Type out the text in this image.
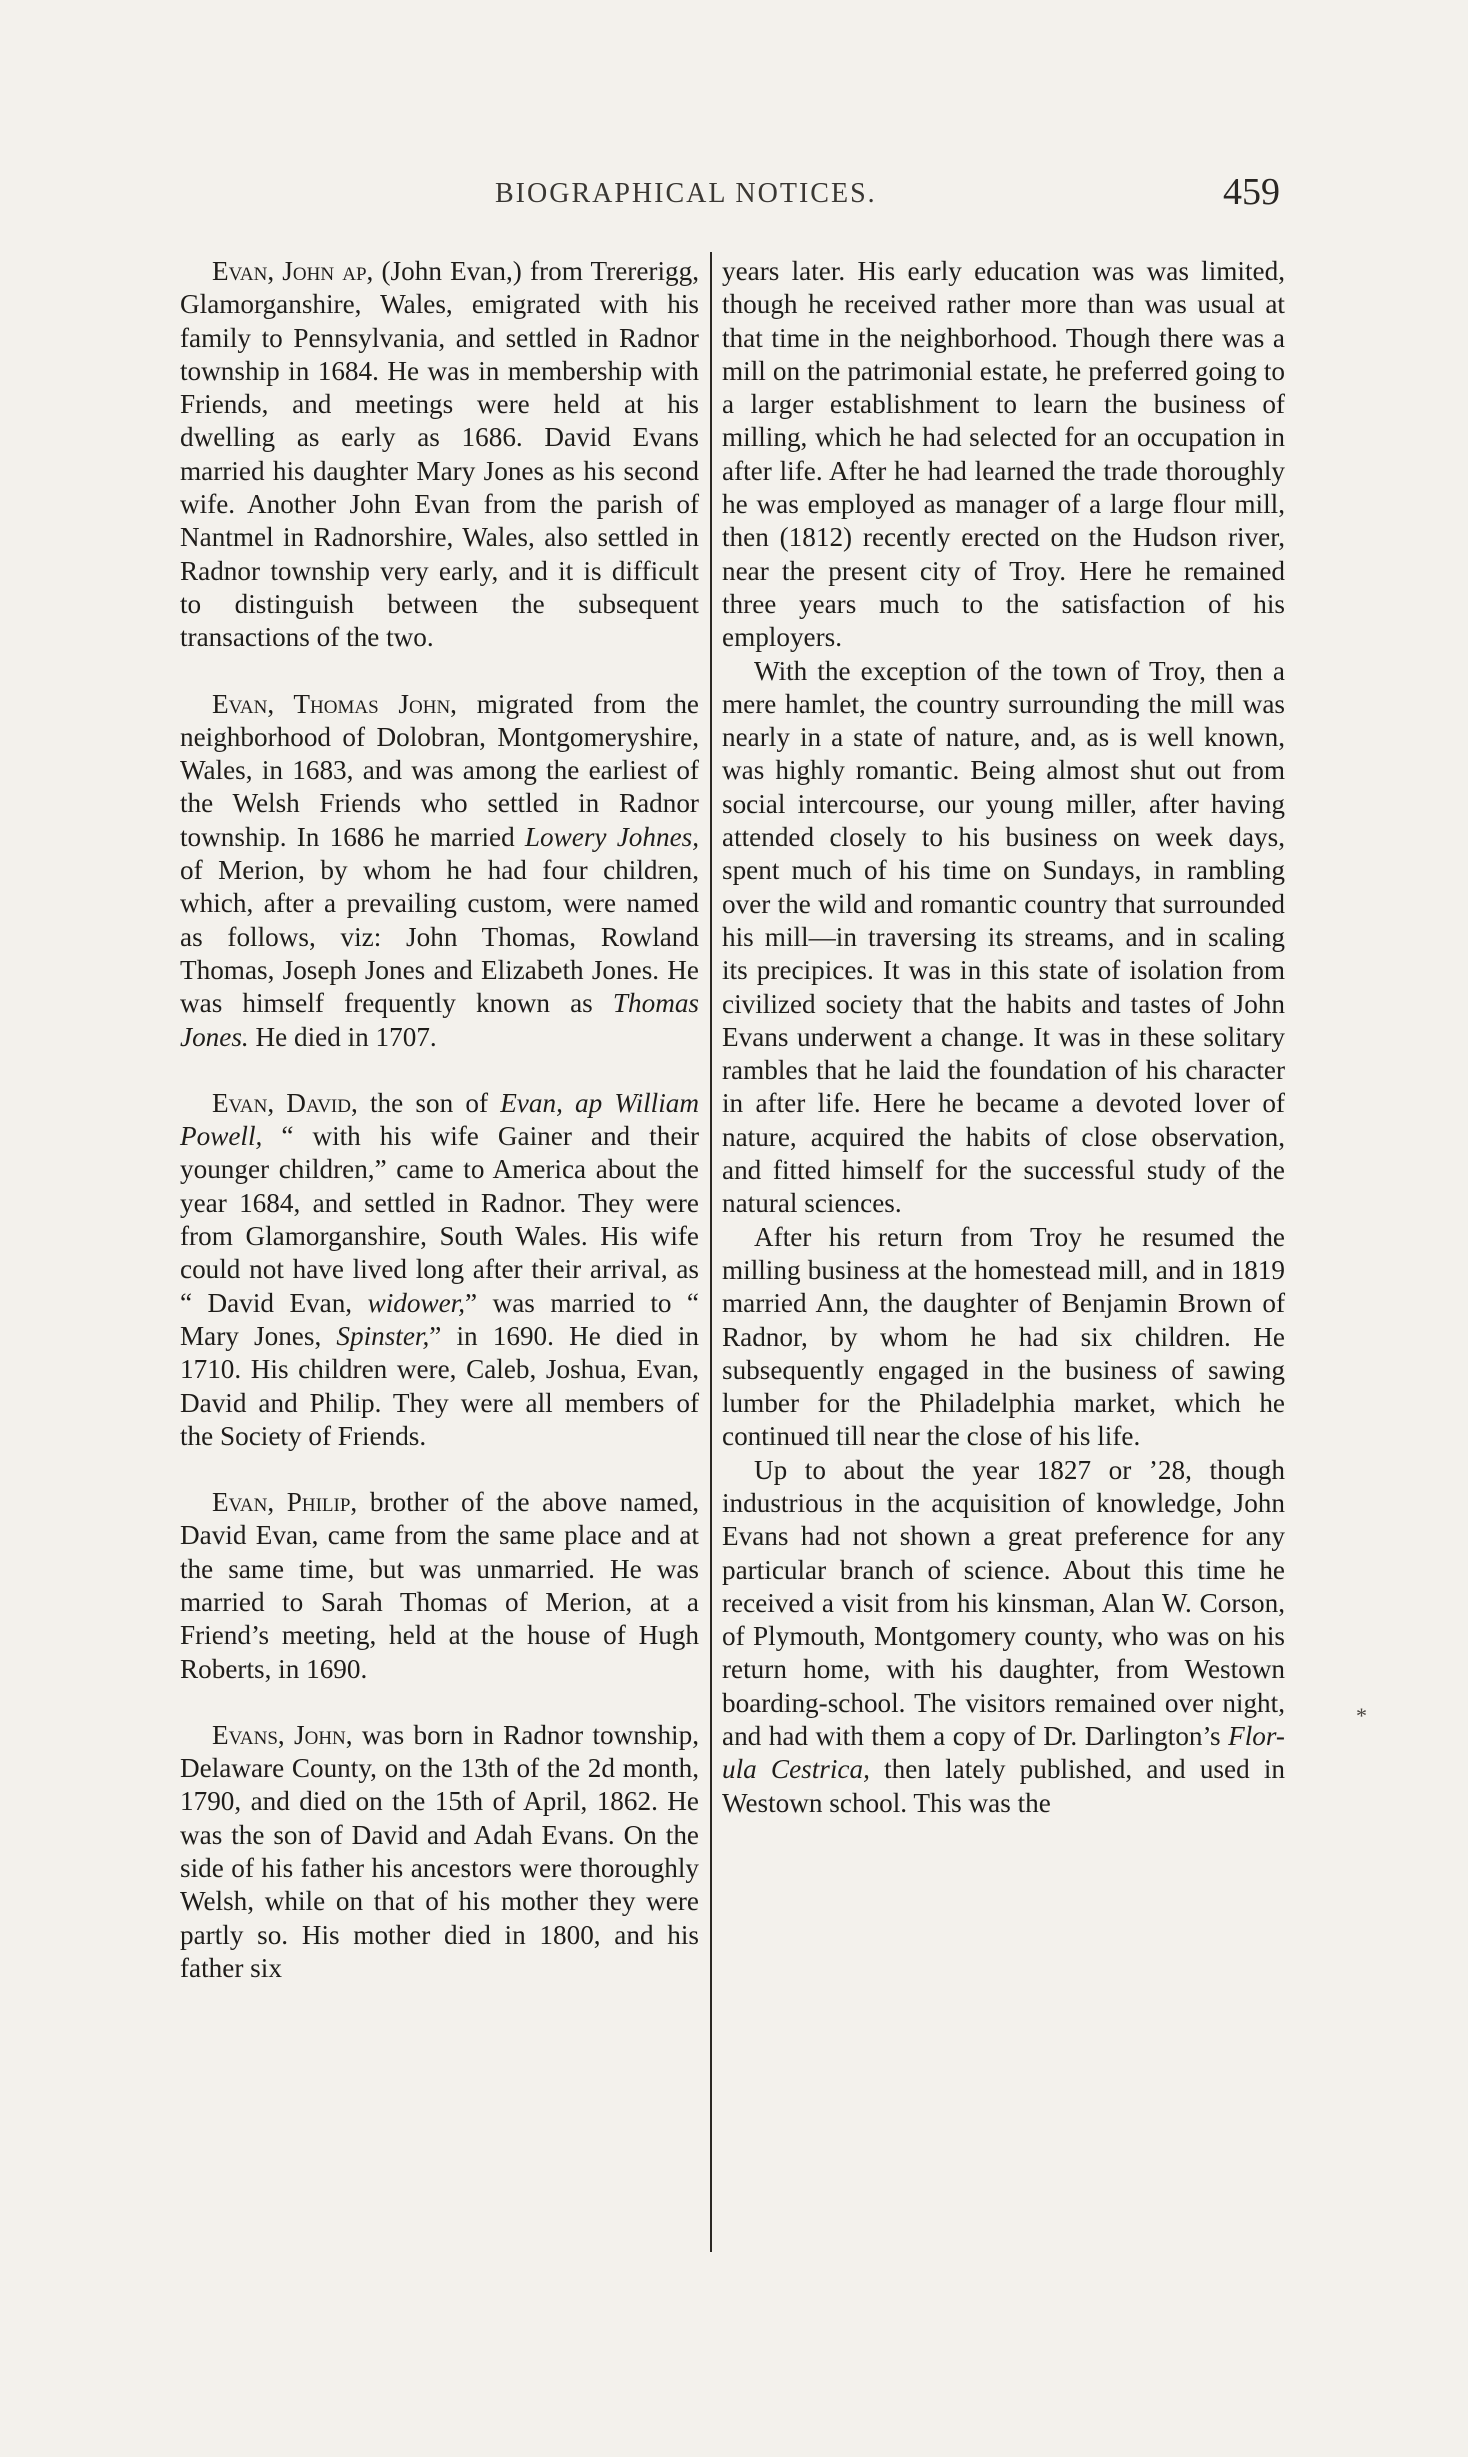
BIOGRAPHICAL NOTICES.	459

Evan, John ap, (John Evan,) from Trererigg, Glamorganshire, Wales, emigrated with his family to Pennsylvania, and settled in Radnor township in 1684. He was in membership with Friends, and meetings were held at his dwelling as early as 1686. David Evans married his daughter Mary Jones as his second wife. Another John Evan from the parish of Nantmel in Radnorshire, Wales, also settled in Radnor township very early, and it is difficult to distinguish between the subsequent transactions of the two.

Evan, Thomas John, migrated from the neighborhood of Dolobran, Montgomeryshire, Wales, in 1683, and was among the earliest of the Welsh Friends who settled in Radnor township. In 1686 he married Lowery Johnes, of Merion, by whom he had four children, which, after a prevailing custom, were named as follows, viz: John Thomas, Rowland Thomas, Joseph Jones and Elizabeth Jones. He was himself frequently known as Thomas Jones. He died in 1707.

Evan, David, the son of Evan, ap William Powell, “ with his wife Gainer and their younger children,” came to America about the year 1684, and settled in Radnor. They were from Glamorganshire, South Wales. His wife could not have lived long after their arrival, as “ David Evan, widower,” was married to “ Mary Jones, Spinster,” in 1690. He died in 1710. His children were, Caleb, Joshua, Evan, David and Philip. They were all members of the Society of Friends.

Evan, Philip, brother of the above named, David Evan, came from the same place and at the same time, but was unmarried. He was married to Sarah Thomas of Merion, at a Friend’s meeting, held at the house of Hugh Roberts, in 1690.

Evans, John, was born in Radnor township, Delaware County, on the 13th of the 2d month, 1790, and died on the 15th of April, 1862. He was the son of David and Adah Evans. On the side of his father his ancestors were thoroughly Welsh, while on that of his mother they were partly so. His mother died in 1800, and his father six

years later. His early education was was limited, though he received rather more than was usual at that time in the neighborhood. Though there was a mill on the patrimonial estate, he preferred going to a larger establishment to learn the business of milling, which he had selected for an occupation in after life. After he had learned the trade thoroughly he was employed as manager of a large flour mill, then (1812) recently erected on the Hudson river, near the present city of Troy. Here he remained three years much to the satisfaction of his employers.

With the exception of the town of Troy, then a mere hamlet, the country surrounding the mill was nearly in a state of nature, and, as is well known, was highly romantic. Being almost shut out from social intercourse, our young miller, after having attended closely to his business on week days, spent much of his time on Sundays, in rambling over the wild and romantic country that surrounded his mill—in traversing its streams, and in scaling its precipices. It was in this state of isolation from civilized society that the habits and tastes of John Evans underwent a change. It was in these solitary rambles that he laid the foundation of his character in after life. Here he became a devoted lover of nature, acquired the habits of close observation, and fitted himself for the successful study of the natural sciences.

After his return from Troy he resumed the milling business at the homestead mill, and in 1819 married Ann, the daughter of Benjamin Brown of Radnor, by whom he had six children. He subsequently engaged in the business of sawing lumber for the Philadelphia market, which he continued till near the close of his life.

Up to about the year 1827 or ’28, though industrious in the acquisition of knowledge, John Evans had not shown a great preference for any particular branch of science. About this time he received a visit from his kinsman, Alan W. Corson, of Plymouth, Montgomery county, who was on his return home, with his daughter, from Westown boarding-school. The visitors remained over night, and had with them a copy of Dr. Darlington’s Flor-ula Cestrica, then lately published, and used in Westown school. This was the

*
